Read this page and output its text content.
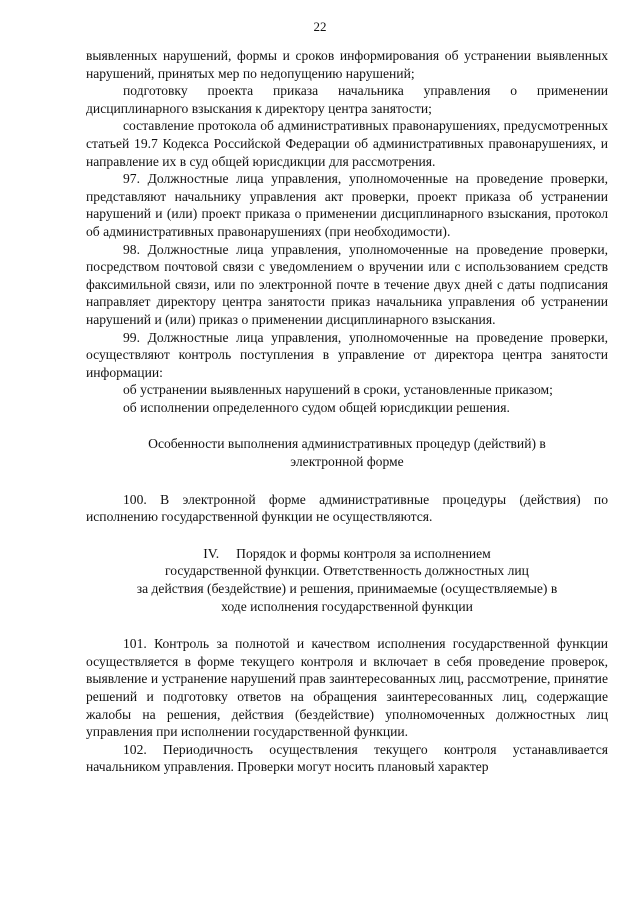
22

выявленных нарушений, формы и сроков информирования об устранении выявленных нарушений, принятых мер по недопущению нарушений;

подготовку проекта приказа начальника управления о применении дисциплинарного взыскания к директору центра занятости;

составление протокола об административных правонарушениях, предусмотренных статьей 19.7 Кодекса Российской Федерации об административных правонарушениях, и направление их в суд общей юрисдикции для рассмотрения.

97. Должностные лица управления, уполномоченные на проведение проверки, представляют начальнику управления акт проверки, проект приказа об устранении нарушений и (или) проект приказа о применении дисциплинарного взыскания, протокол об административных правонарушениях (при необходимости).

98. Должностные лица управления, уполномоченные на проведение проверки, посредством почтовой связи с уведомлением о вручении или с использованием средств факсимильной связи, или по электронной почте в течение двух дней с даты подписания направляет директору центра занятости приказ начальника управления об устранении нарушений и (или) приказ о применении дисциплинарного взыскания.

99. Должностные лица управления, уполномоченные на проведение проверки, осуществляют контроль поступления в управление от директора центра занятости информации:

об устранении выявленных нарушений в сроки, установленные приказом;

об исполнении определенного судом общей юрисдикции решения.

Особенности выполнения административных процедур (действий) в
электронной форме

100. В электронной форме административные процедуры (действия) по исполнению государственной функции не осуществляются.

IV.     Порядок и формы контроля за исполнением
государственной функции. Ответственность должностных лиц
за действия (бездействие) и решения, принимаемые (осуществляемые) в
ходе исполнения государственной функции

101. Контроль за полнотой и качеством исполнения государственной функции осуществляется в форме текущего контроля и включает в себя проведение проверок, выявление и устранение нарушений прав заинтересованных лиц, рассмотрение, принятие решений и подготовку ответов на обращения заинтересованных лиц, содержащие жалобы на решения, действия (бездействие) уполномоченных должностных лиц управления при исполнении государственной функции.

102. Периодичность осуществления текущего контроля устанавливается начальником управления. Проверки могут носить плановый характер
